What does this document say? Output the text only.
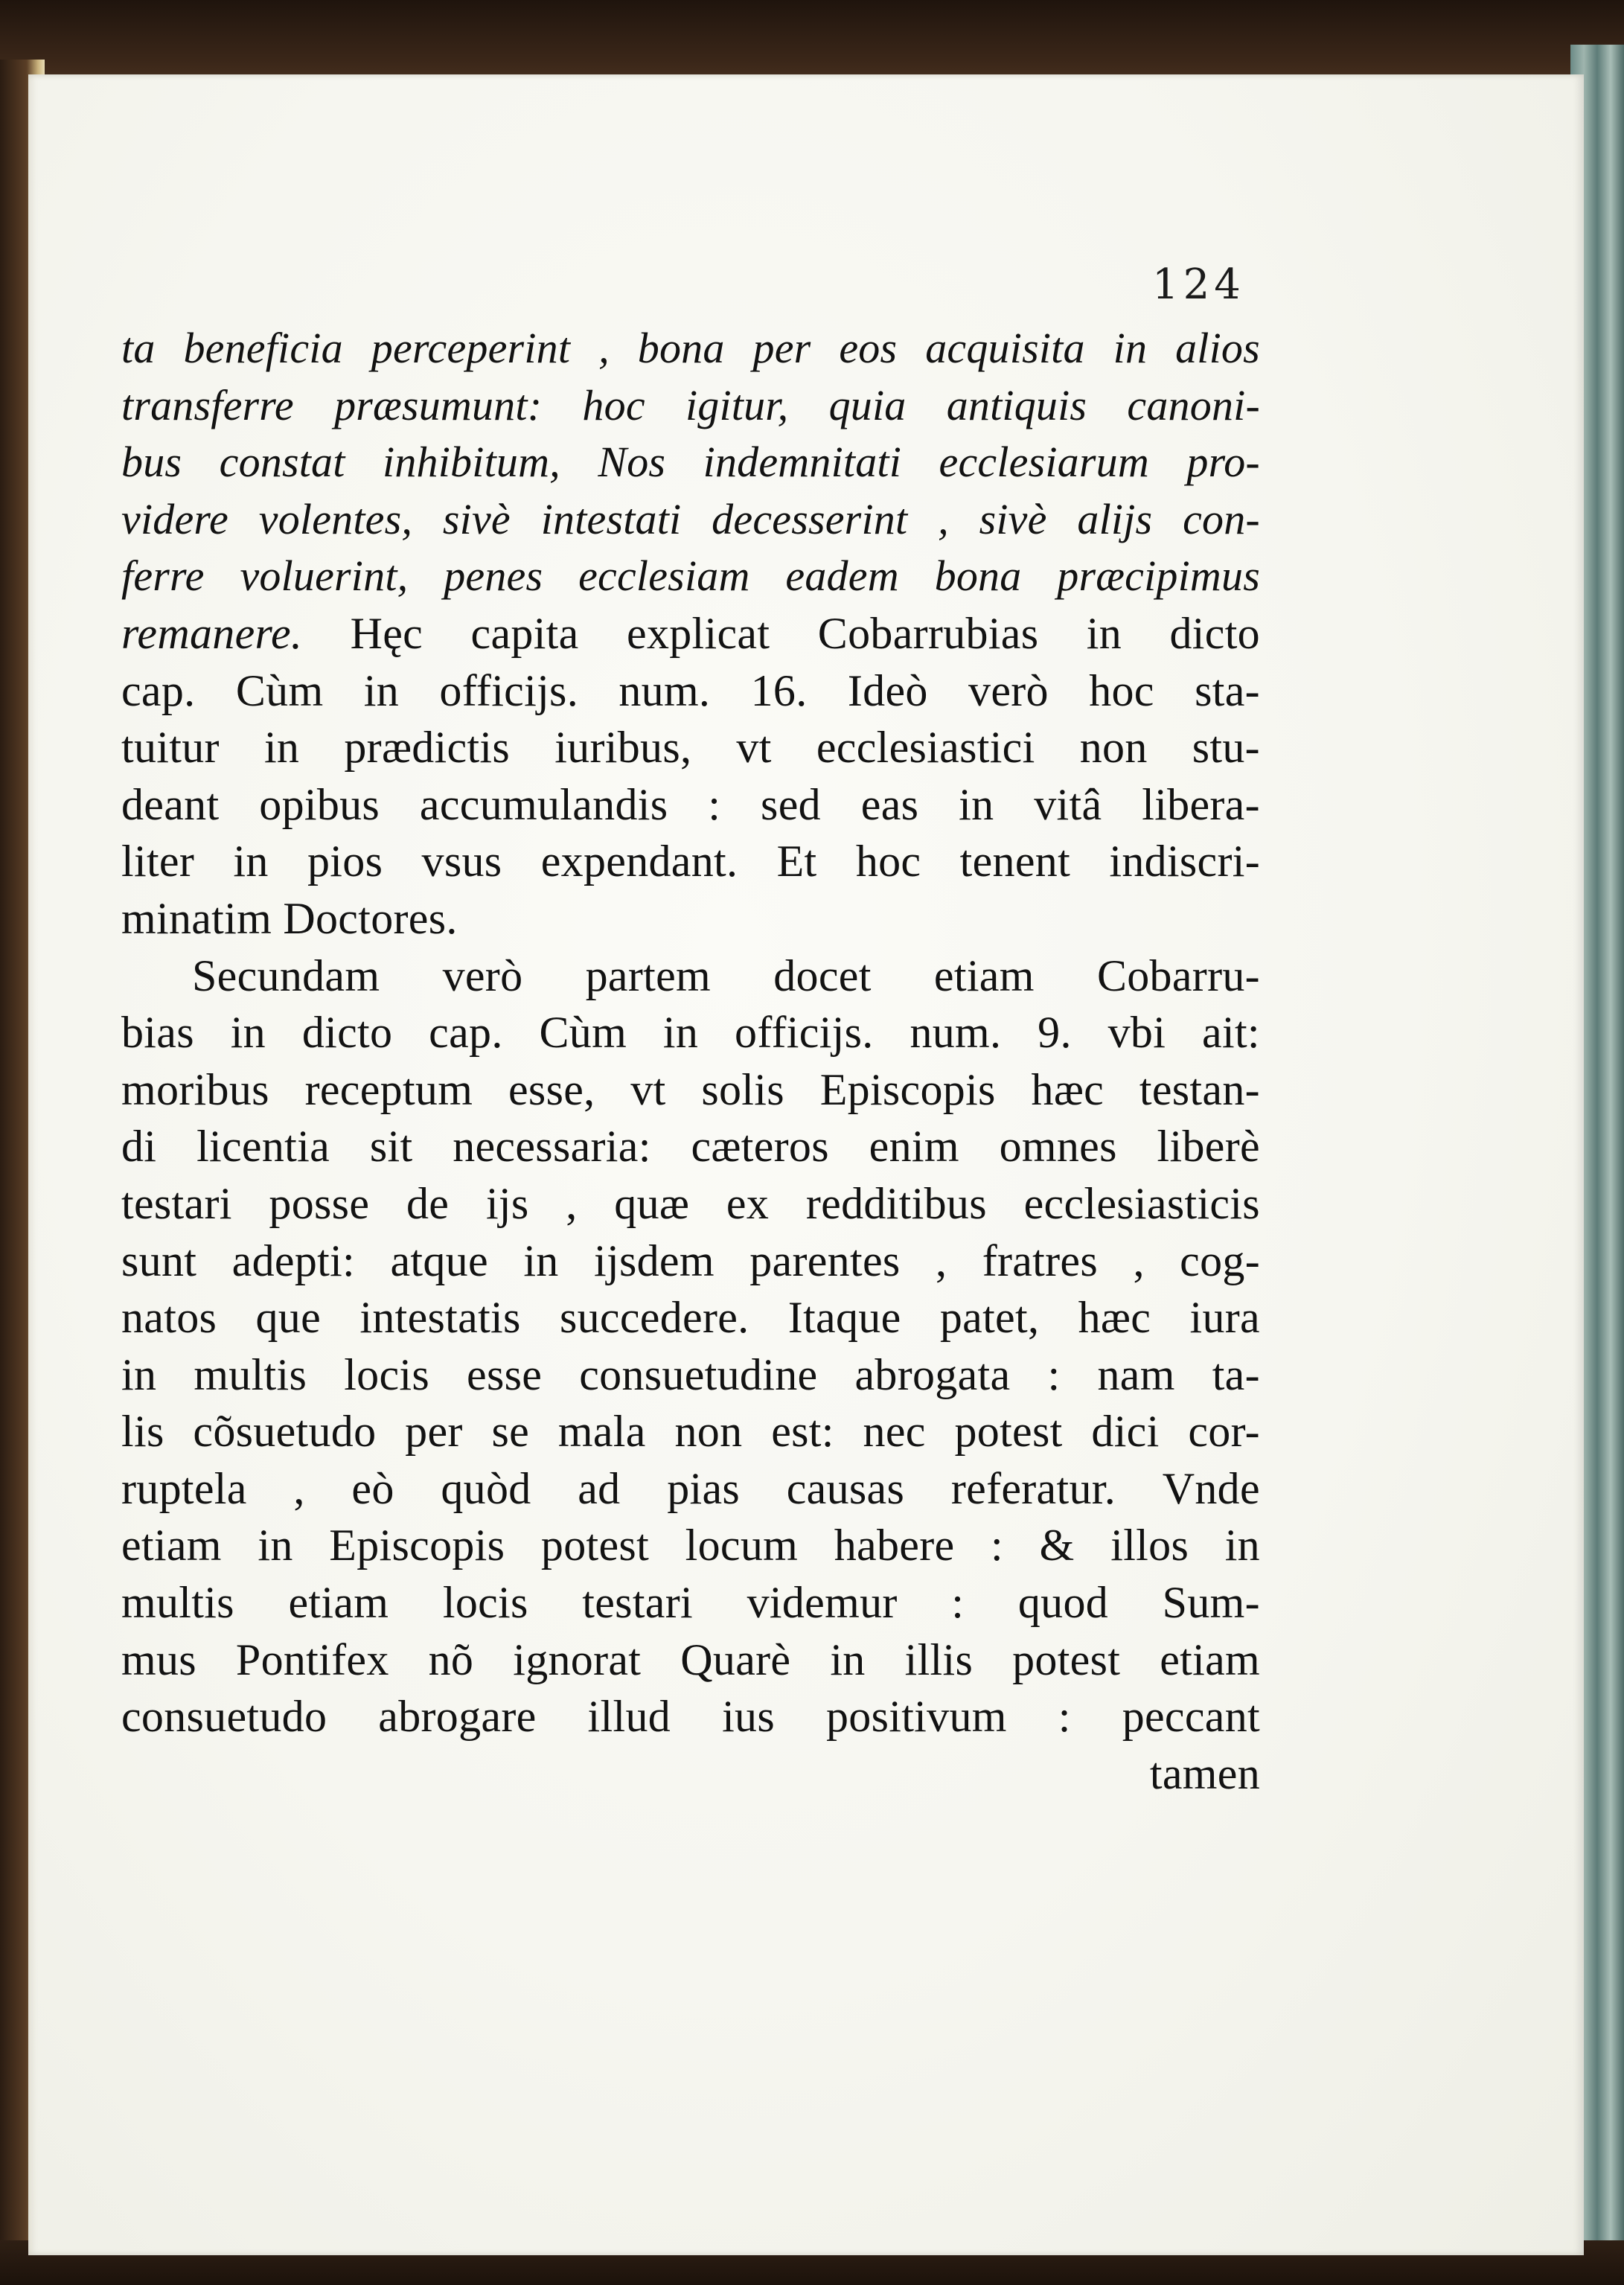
124
ta beneficia perceperint , bona per eos acquisita in alios
transferre præsumunt: hoc igitur, quia antiquis canoni-
bus constat inhibitum, Nos indemnitati ecclesiarum pro-
videre volentes, sivè intestati decesserint , sivè alijs con-
ferre voluerint, penes ecclesiam eadem bona præcipimus
remanere. Hęc capita explicat Cobarrubias in dicto
cap. Cùm in officijs. num. 16. Ideò verò hoc sta-
tuitur in prædictis iuribus, vt ecclesiastici non stu-
deant opibus accumulandis : sed eas in vitâ libera-
liter in pios vsus expendant. Et hoc tenent indiscri-
minatim Doctores.
Secundam verò partem docet etiam Cobarru-
bias in dicto cap. Cùm in officijs. num. 9. vbi ait:
moribus receptum esse, vt solis Episcopis hæc testan-
di licentia sit necessaria: cæteros enim omnes liberè
testari posse de ijs , quæ ex redditibus ecclesiasticis
sunt adepti: atque in ijsdem parentes , fratres , cog-
natos que intestatis succedere. Itaque patet, hæc iura
in multis locis esse consuetudine abrogata : nam ta-
lis cõsuetudo per se mala non est: nec potest dici cor-
ruptela , eò quòd ad pias causas referatur. Vnde
etiam in Episcopis potest locum habere : & illos in
multis etiam locis testari videmur : quod Sum-
mus Pontifex nõ ignorat Quarè in illis potest etiam
consuetudo abrogare illud ius positivum : peccant
tamen
